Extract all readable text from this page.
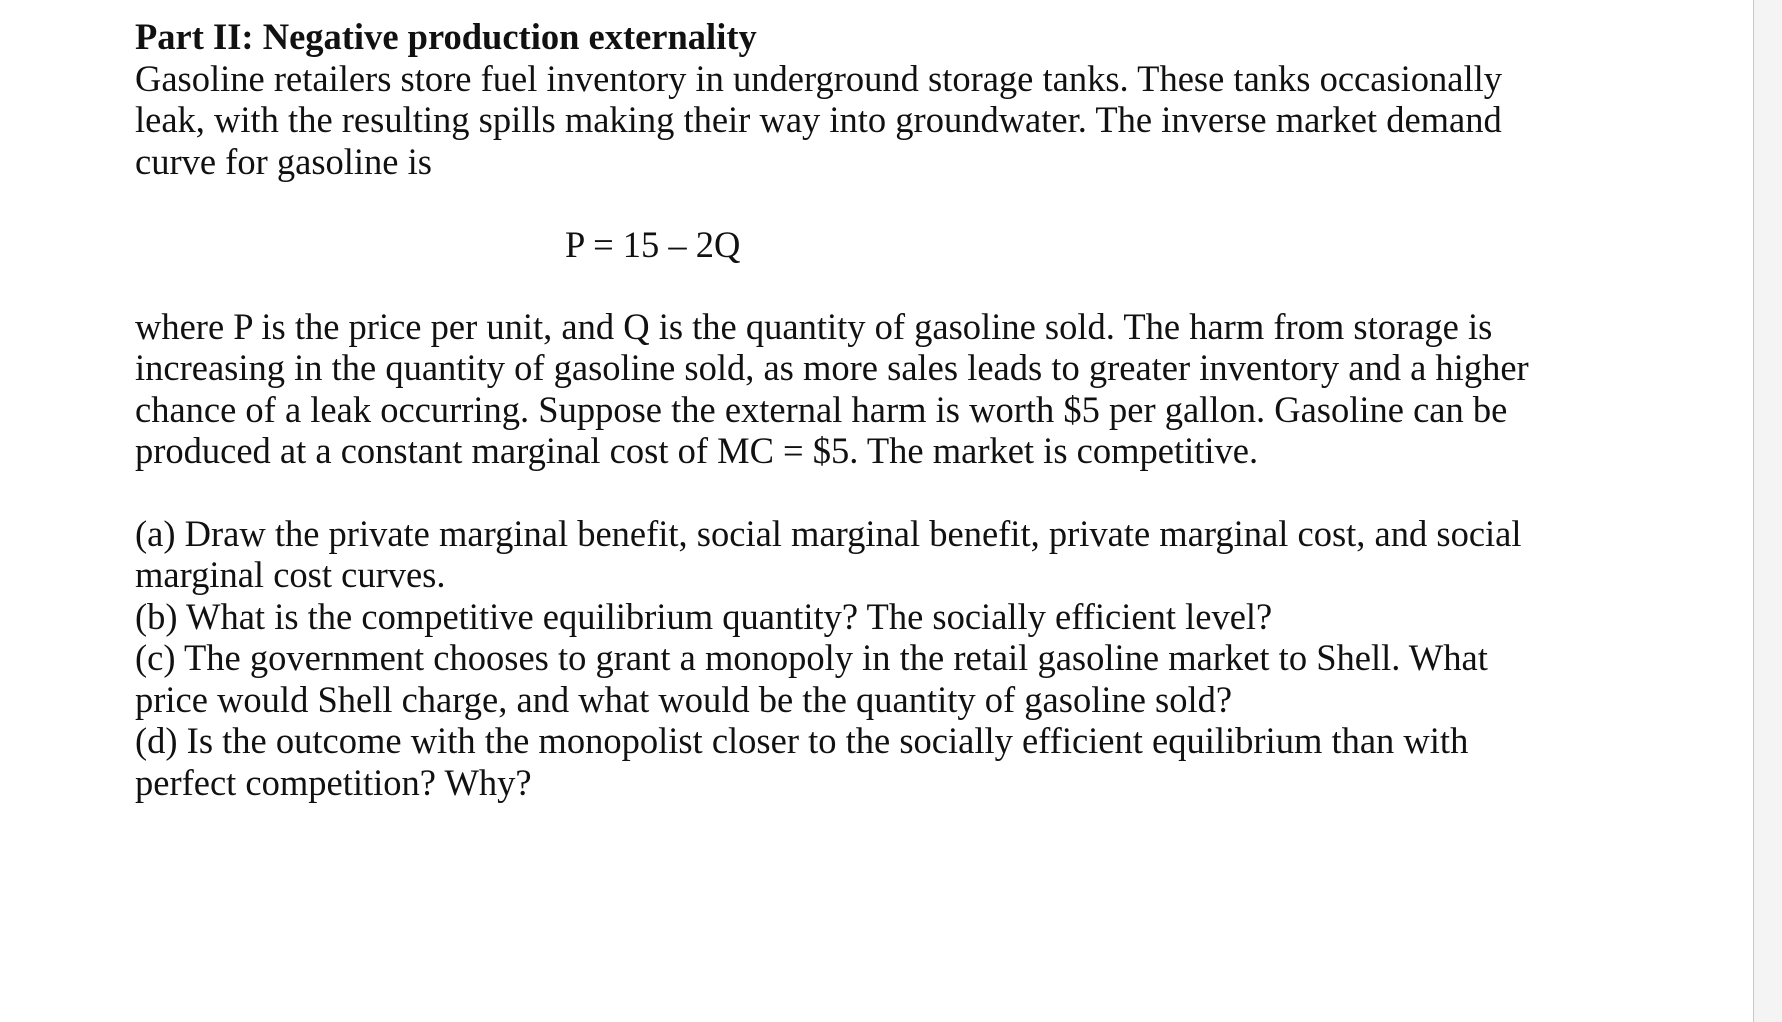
Part II: Negative production externality

Gasoline retailers store fuel inventory in underground storage tanks. These tanks occasionally leak, with the resulting spills making their way into groundwater. The inverse market demand curve for gasoline is

P = 15 – 2Q

where P is the price per unit, and Q is the quantity of gasoline sold. The harm from storage is increasing in the quantity of gasoline sold, as more sales leads to greater inventory and a higher chance of a leak occurring. Suppose the external harm is worth $5 per gallon. Gasoline can be produced at a constant marginal cost of MC = $5. The market is competitive.

(a) Draw the private marginal benefit, social marginal benefit, private marginal cost, and social marginal cost curves.

(b) What is the competitive equilibrium quantity? The socially efficient level?

(c) The government chooses to grant a monopoly in the retail gasoline market to Shell. What price would Shell charge, and what would be the quantity of gasoline sold?

(d) Is the outcome with the monopolist closer to the socially efficient equilibrium than with perfect competition? Why?
